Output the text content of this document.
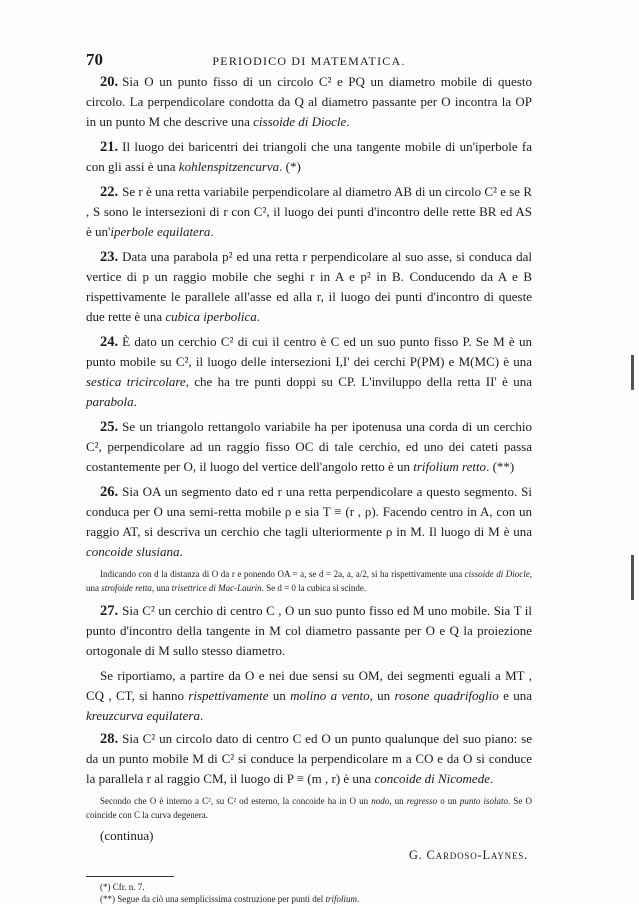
70	PERIODICO DI MATEMATICA.

20. Sia O un punto fisso di un circolo C² e PQ un diametro mobile di questo circolo. La perpendicolare condotta da Q al diametro passante per O incontra la OP in un punto M che descrive una cissoide di Diocle.

21. Il luogo dei baricentri dei triangoli che una tangente mobile di un'iperbole fa con gli assi è una kohlenspitzencurva. (*)

22. Se r è una retta variabile perpendicolare al diametro AB di un circolo C² e se R , S sono le intersezioni di r con C², il luogo dei punti d'incontro delle rette BR ed AS è un'iperbole equilatera.

23. Data una parabola p² ed una retta r perpendicolare al suo asse, si conduca dal vertice di p un raggio mobile che seghi r in A e p² in B. Conducendo da A e B rispettivamente le parallele all'asse ed alla r, il luogo dei punti d'incontro di queste due rette è una cubica iperbolica.

24. È dato un cerchio C² di cui il centro è C ed un suo punto fisso P. Se M è un punto mobile su C², il luogo delle intersezioni I,I' dei cerchi P(PM) e M(MC) è una sestica tricircolare, che ha tre punti doppi su CP. L'inviluppo della retta II' è una parabola.

25. Se un triangolo rettangolo variabile ha per ipotenusa una corda di un cerchio C², perpendicolare ad un raggio fisso OC di tale cerchio, ed uno dei cateti passa costantemente per O, il luogo del vertice dell'angolo retto è un trifolium retto. (**)

26. Sia OA un segmento dato ed r una retta perpendicolare a questo segmento. Si conduca per O una semi-retta mobile ρ e sia T ≡ (r , ρ). Facendo centro in A, con un raggio AT, si descriva un cerchio che tagli ulteriormente ρ in M. Il luogo di M è una concoide slusiana.

Indicando con d la distanza di O da r e ponendo OA = a, se d = 2a, a, a/2, si ha rispettivamente una cissoide di Diocle, una strofoide retta, una trisettrice di Mac-Laurin. Se d = 0 la cubica si scinde.

27. Sia C² un cerchio di centro C , O un suo punto fisso ed M uno mobile. Sia T il punto d'incontro della tangente in M col diametro passante per O e Q la proiezione ortogonale di M sullo stesso diametro.

Se riportiamo, a partire da O e nei due sensi su OM, dei segmenti eguali a MT , CQ , CT, si hanno rispettivamente un molino a vento, un rosone quadrifoglio e una kreuzcurva equilatera.

28. Sia C² un circolo dato di centro C ed O un punto qualunque del suo piano: se da un punto mobile M di C² si conduce la perpendicolare m a CO e da O si conduce la parallela r al raggio CM, il luogo di P ≡ (m , r) è una concoide di Nicomede.

Secondo che O è interno a C², su C² od esterno, la concoide ha in O un nodo, un regresso o un punto isolato. Se O coincide con C la curva degenera.

(continua)
G. Cardoso-Laynes.

(*) Cfr. n. 7.

(**) Segue da ciò una semplicissima costruzione per punti del trifolium.
